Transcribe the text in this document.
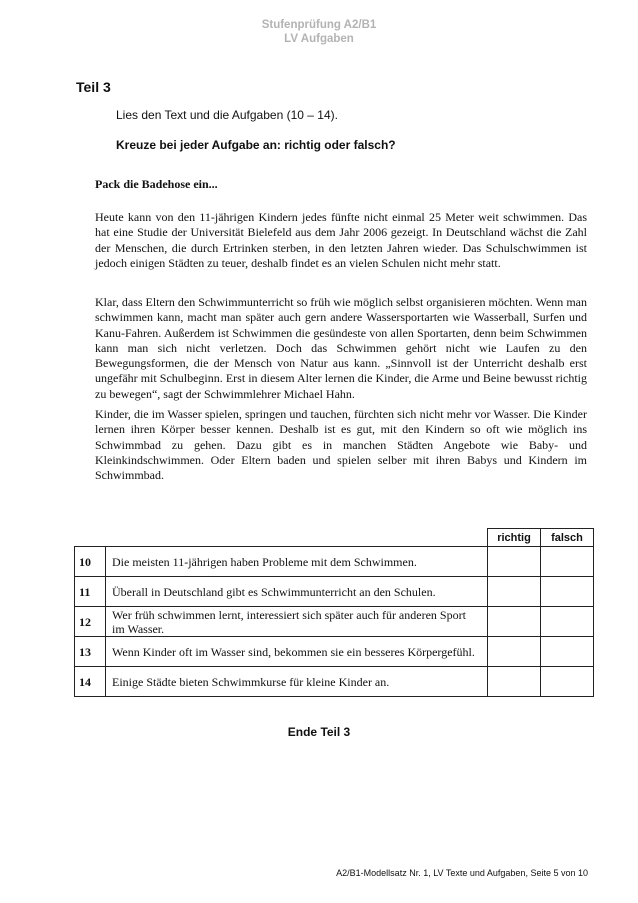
Stufenprüfung A2/B1
LV Aufgaben
Teil 3
Lies den Text und die Aufgaben (10 – 14).
Kreuze bei jeder Aufgabe an: richtig oder falsch?
Pack die Badehose ein...
Heute kann von den 11-jährigen Kindern jedes fünfte nicht einmal 25 Meter weit schwimmen. Das hat eine Studie der Universität Bielefeld aus dem Jahr 2006 gezeigt. In Deutschland wächst die Zahl der Menschen, die durch Ertrinken sterben, in den letzten Jahren wieder. Das Schulschwimmen ist jedoch einigen Städten zu teuer, deshalb findet es an vielen Schulen nicht mehr statt.
Klar, dass Eltern den Schwimmunterricht so früh wie möglich selbst organisieren möchten. Wenn man schwimmen kann, macht man später auch gern andere Wassersportarten wie Wasserball, Surfen und Kanu-Fahren. Außerdem ist Schwimmen die gesündeste von allen Sportarten, denn beim Schwimmen kann man sich nicht verletzen. Doch das Schwimmen gehört nicht wie Laufen zu den Bewegungsformen, die der Mensch von Natur aus kann. „Sinnvoll ist der Unterricht deshalb erst ungefähr mit Schulbeginn. Erst in diesem Alter lernen die Kinder, die Arme und Beine bewusst richtig zu bewegen“, sagt der Schwimmlehrer Michael Hahn.
Kinder, die im Wasser spielen, springen und tauchen, fürchten sich nicht mehr vor Wasser. Die Kinder lernen ihren Körper besser kennen. Deshalb ist es gut, mit den Kindern so oft wie möglich ins Schwimmbad zu gehen. Dazu gibt es in manchen Städten Angebote wie Baby- und Kleinkindschwimmen. Oder Eltern baden und spielen selber mit ihren Babys und Kindern im Schwimmbad.
		richtig	falsch
10	Die meisten 11-jährigen haben Probleme mit dem Schwimmen.		
11	Überall in Deutschland gibt es Schwimmunterricht an den Schulen.		
12	Wer früh schwimmen lernt, interessiert sich später auch für anderen Sport im Wasser.		
13	Wenn Kinder oft im Wasser sind, bekommen sie ein besseres Körpergefühl.		
14	Einige Städte bieten Schwimmkurse für kleine Kinder an.		
Ende Teil 3
A2/B1-Modellsatz Nr. 1, LV Texte und Aufgaben, Seite 5 von 10
